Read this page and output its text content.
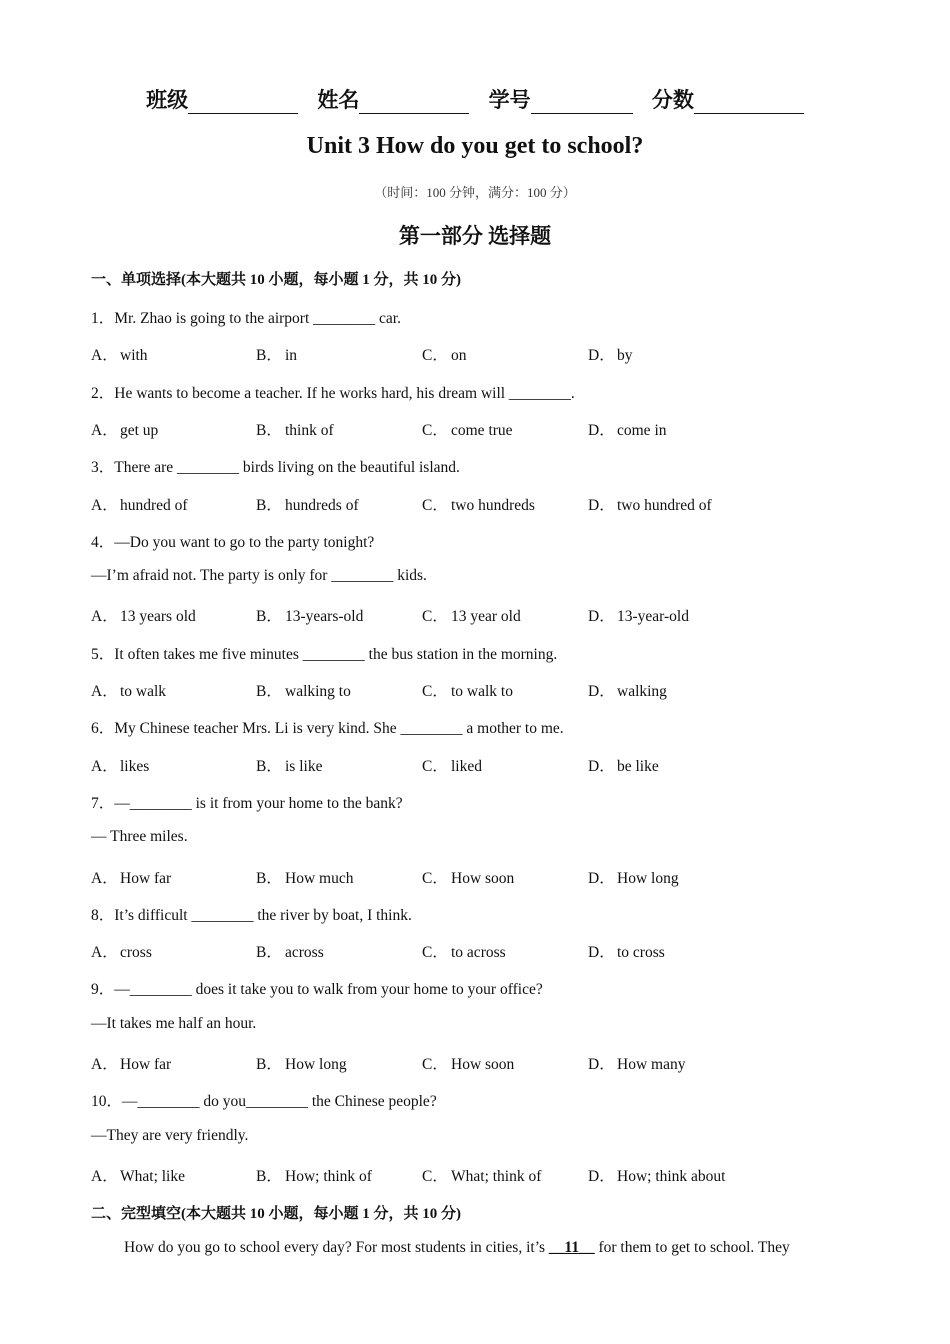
班级	姓名	学号	分数
Unit 3 How do you get to school?
（时间：100 分钟，满分：100 分）
第一部分 选择题
一、单项选择(本大题共 10 小题，每小题 1 分，共 10 分)
1．Mr. Zhao is going to the airport ________ car.
A． with	B． in	C． on	D． by
2．He wants to become a teacher. If he works hard, his dream will ________.
A． get up	B． think of	C． come true	D． come in
3．There are ________ birds living on the beautiful island.
A． hundred of	B． hundreds of	C． two hundreds	D． two hundred of
4．—Do you want to go to the party tonight?
—I’m afraid not. The party is only for ________ kids.
A． 13 years old	B． 13-years-old	C． 13 year old	D． 13-year-old
5．It often takes me five minutes ________ the bus station in the morning.
A． to walk	B． walking to	C． to walk to	D． walking
6．My Chinese teacher Mrs. Li is very kind. She ________ a mother to me.
A． likes	B． is like	C． liked	D． be like
7．—________ is it from your home to the bank?
— Three miles.
A． How far	B． How much	C． How soon	D． How long
8．It’s difficult ________ the river by boat, I think.
A． cross	B． across	C． to across	D． to cross
9．—________ does it take you to walk from your home to your office?
—It takes me half an hour.
A． How far	B． How long	C． How soon	D． How many
10．—________ do you________ the Chinese people?
—They are very friendly.
A． What; like	B． How; think of	C． What; think of	D． How; think about
二、完型填空(本大题共 10 小题，每小题 1 分，共 10 分)
How do you go to school every day? For most students in cities, it’s __11__ for them to get to school. They
